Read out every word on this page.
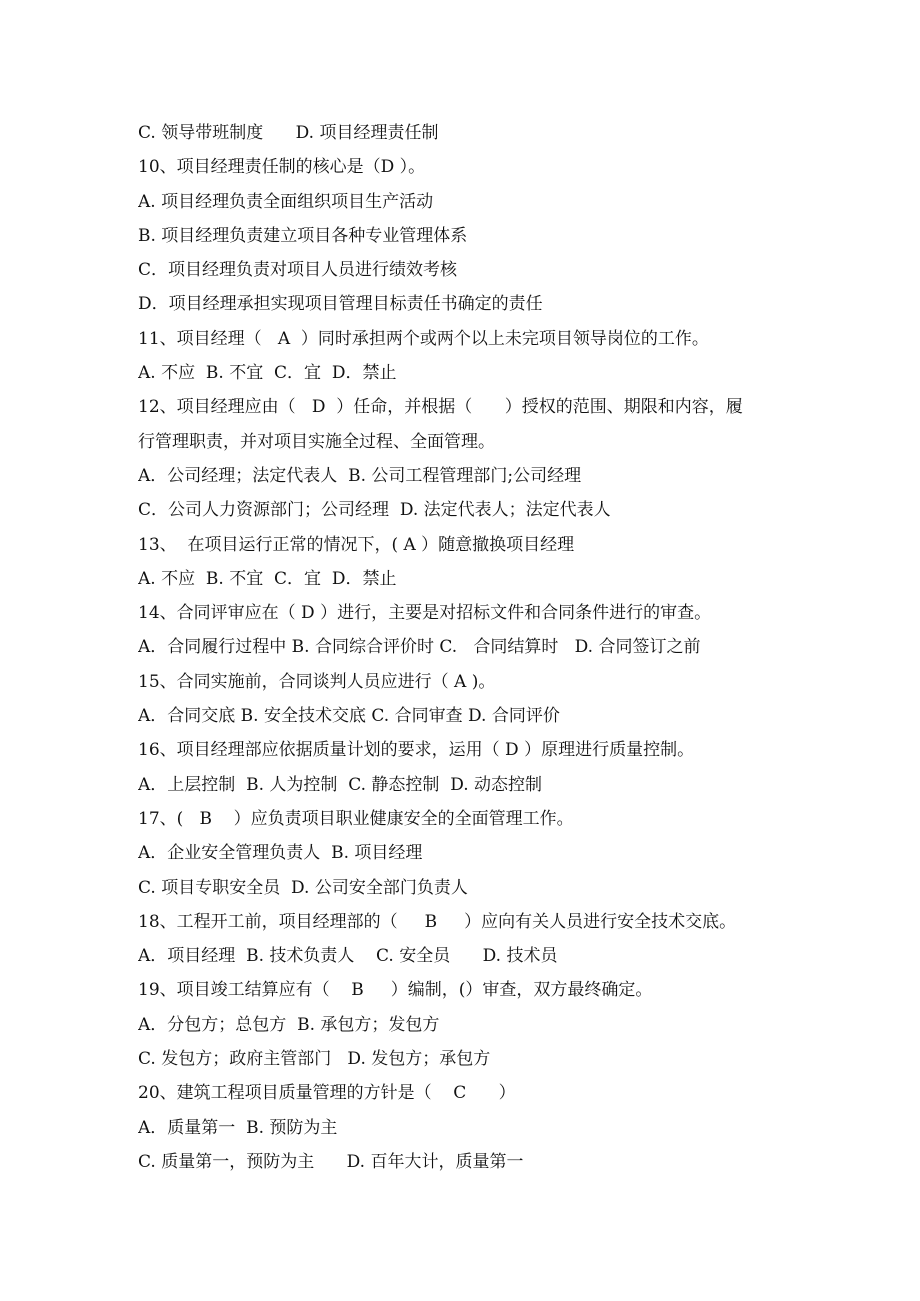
C. 领导带班制度      D. 项目经理责任制
10、项目经理责任制的核心是（D ）。
A. 项目经理负责全面组织项目生产活动
B. 项目经理负责建立项目各种专业管理体系
C．项目经理负责对项目人员进行绩效考核
D．项目经理承担实现项目管理目标责任书确定的责任
11、项目经理（   A  ）同时承担两个或两个以上未完项目领导岗位的工作。
A. 不应  B. 不宜  C．宜  D．禁止
12、项目经理应由（   D  ）任命，并根据（      ）授权的范围、期限和内容，履
行管理职责，并对项目实施全过程、全面管理。
A．公司经理；法定代表人  B. 公司工程管理部门;公司经理
C．公司人力资源部门；公司经理  D. 法定代表人；法定代表人
13、  在项目运行正常的情况下，( A ）随意撤换项目经理
A. 不应  B. 不宜  C．宜  D．禁止
14、合同评审应在（ D ）进行，主要是对招标文件和合同条件进行的审查。
A．合同履行过程中 B. 合同综合评价时 C.   合同结算时   D. 合同签订之前
15、合同实施前，合同谈判人员应进行（ A )。
A．合同交底 B. 安全技术交底 C. 合同审查 D. 合同评价
16、项目经理部应依据质量计划的要求，运用（ D ）原理进行质量控制。
A．上层控制  B. 人为控制  C. 静态控制  D. 动态控制
17、(   B    ）应负责项目职业健康安全的全面管理工作。
A．企业安全管理负责人  B. 项目经理
C. 项目专职安全员  D. 公司安全部门负责人
18、工程开工前，项目经理部的（     B     ）应向有关人员进行安全技术交底。
A．项目经理  B. 技术负责人    C. 安全员      D. 技术员
19、项目竣工结算应有（    B     ）编制，(）审查，双方最终确定。
A．分包方；总包方  B. 承包方；发包方
C. 发包方；政府主管部门   D. 发包方；承包方
20、建筑工程项目质量管理的方针是（    C      ）
A．质量第一  B. 预防为主
C. 质量第一，预防为主      D. 百年大计，质量第一
